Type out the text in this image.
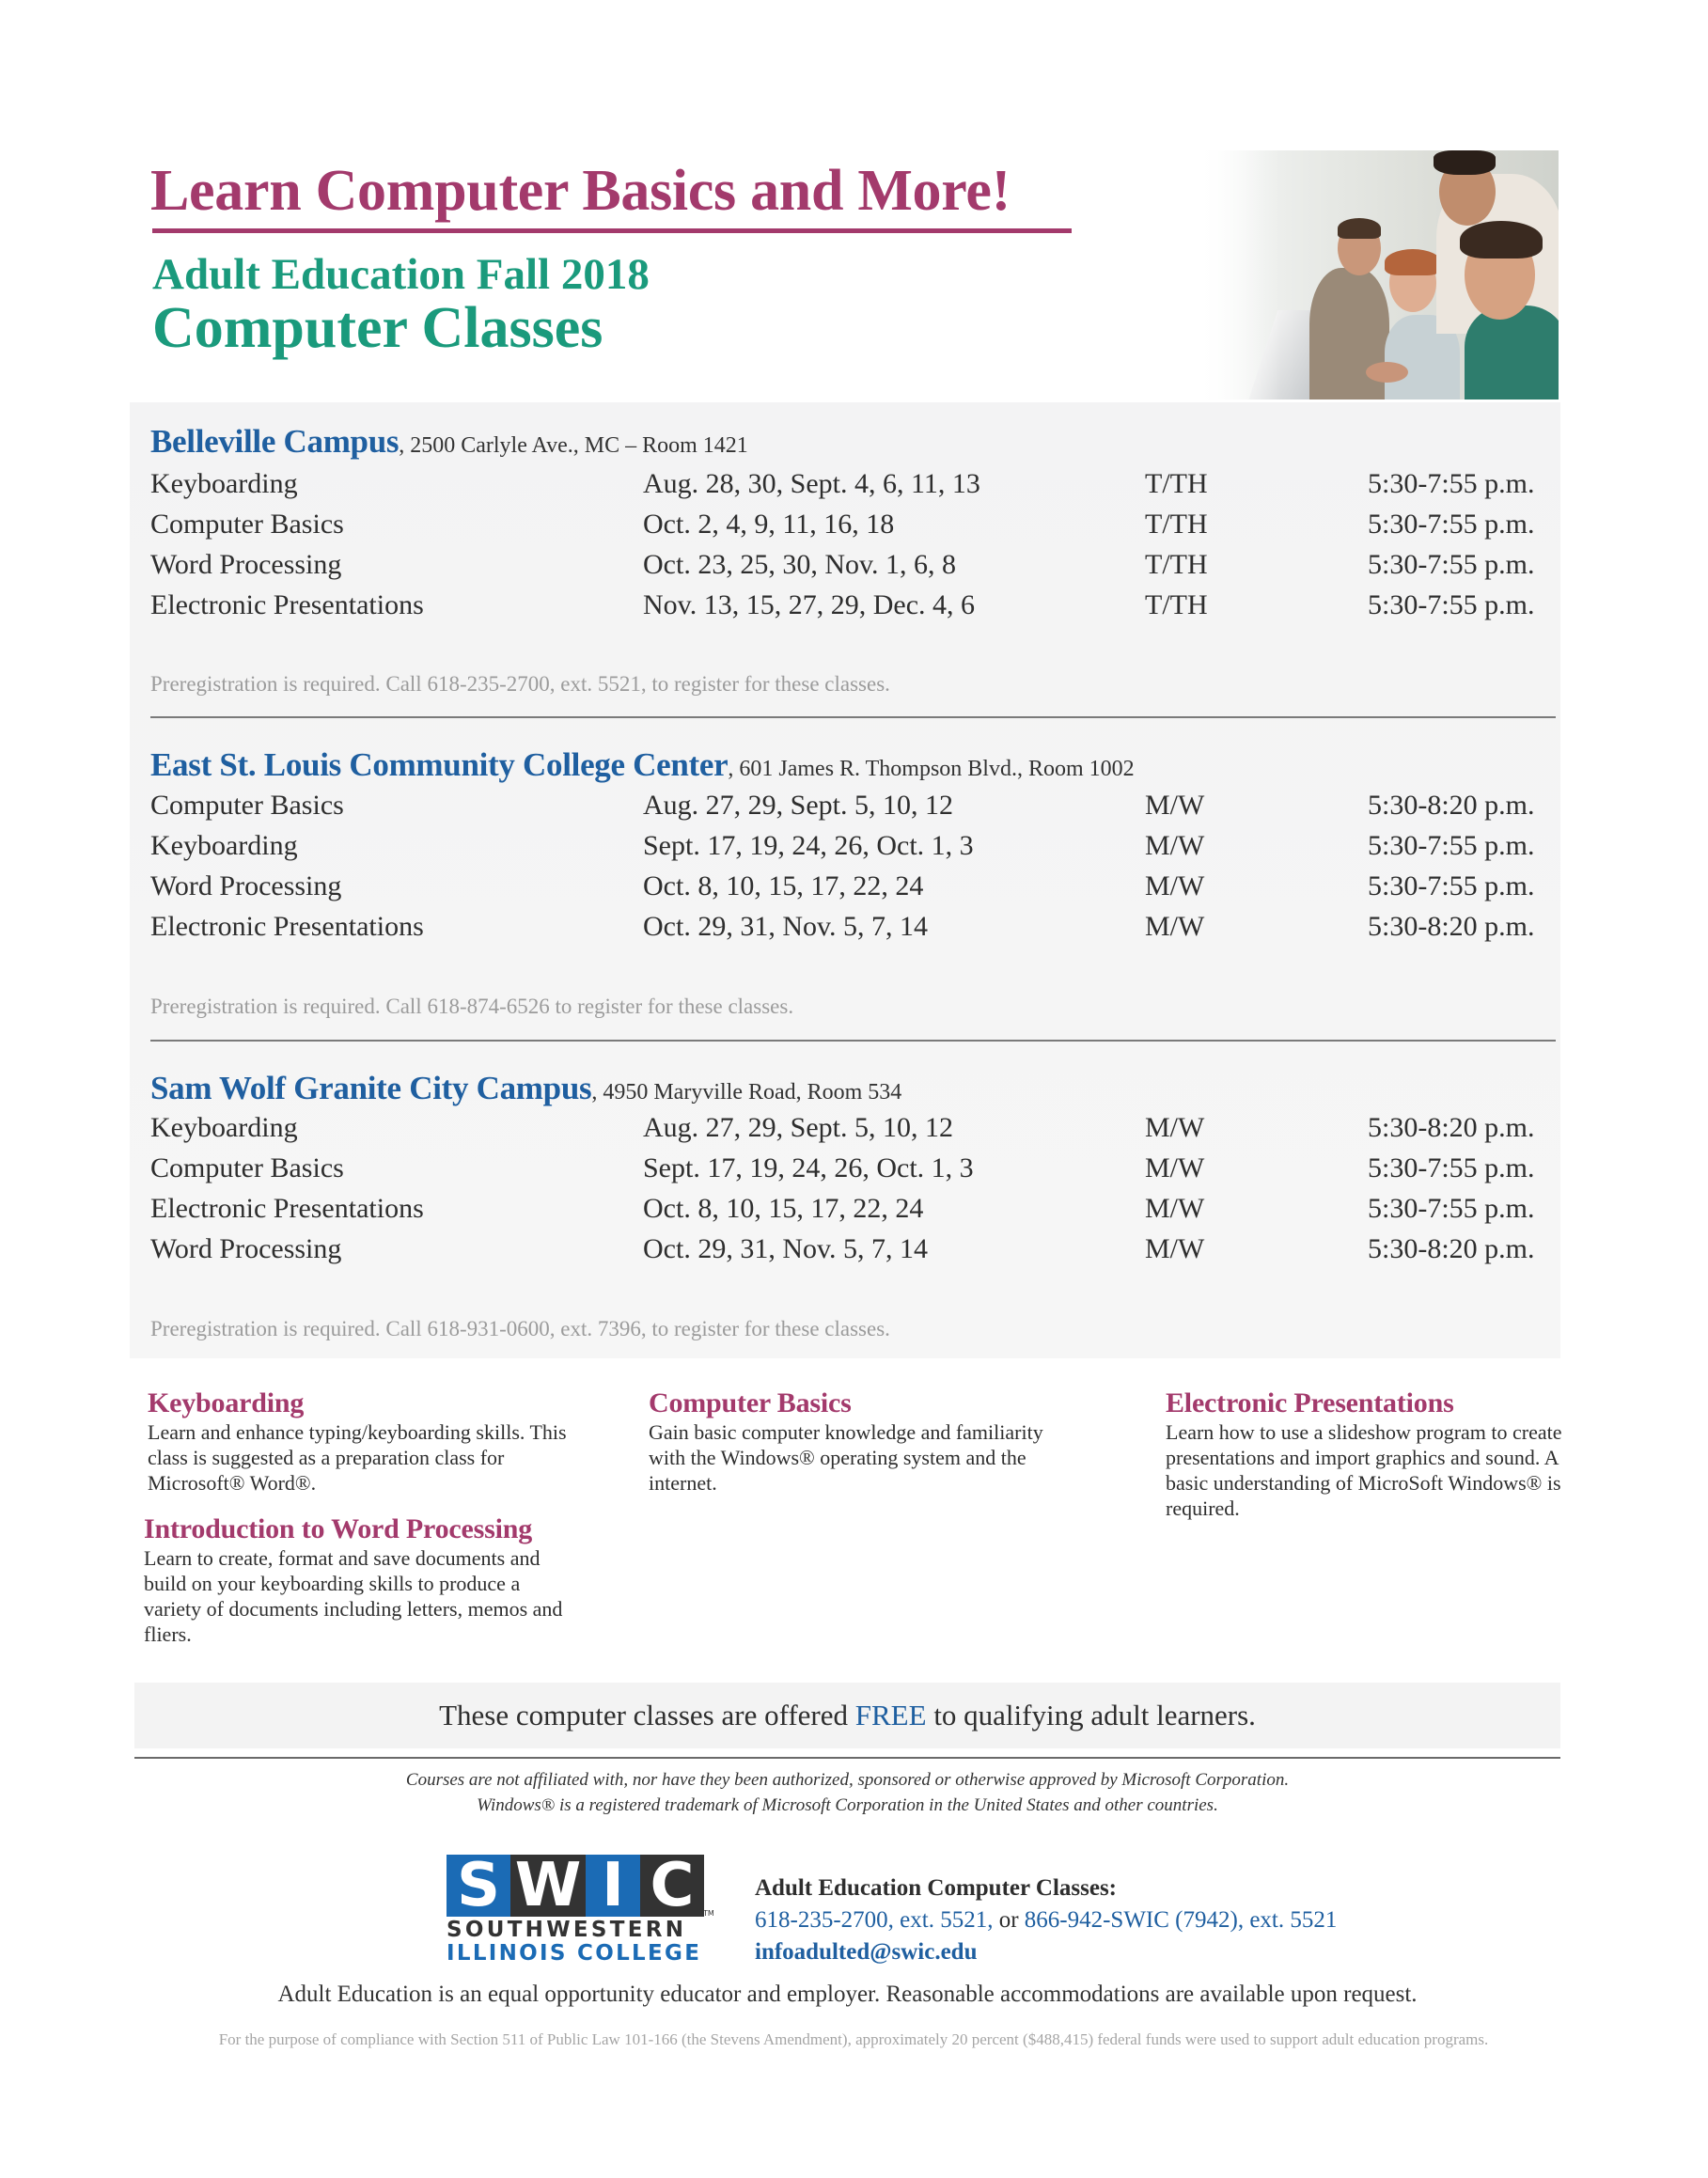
Learn Computer Basics and More!
Adult Education Fall 2018
Computer Classes
Belleville Campus, 2500 Carlyle Ave., MC – Room 1421
Keyboarding	Aug. 28, 30, Sept. 4, 6, 11, 13	T/TH	5:30-7:55 p.m.
Computer Basics	Oct. 2, 4, 9, 11, 16, 18	T/TH	5:30-7:55 p.m.
Word Processing	Oct. 23, 25, 30, Nov. 1, 6, 8	T/TH	5:30-7:55 p.m.
Electronic Presentations	Nov. 13, 15, 27, 29, Dec. 4, 6	T/TH	5:30-7:55 p.m.
Preregistration is required. Call 618-235-2700, ext. 5521, to register for these classes.
East St. Louis Community College Center, 601 James R. Thompson Blvd., Room 1002
Computer Basics	Aug. 27, 29, Sept. 5, 10, 12	M/W	5:30-8:20 p.m.
Keyboarding	Sept. 17, 19, 24, 26, Oct. 1, 3	M/W	5:30-7:55 p.m.
Word Processing	Oct. 8, 10, 15, 17, 22, 24	M/W	5:30-7:55 p.m.
Electronic Presentations	Oct. 29, 31, Nov. 5, 7, 14	M/W	5:30-8:20 p.m.
Preregistration is required. Call 618-874-6526 to register for these classes.
Sam Wolf Granite City Campus, 4950 Maryville Road, Room 534
Keyboarding	Aug. 27, 29, Sept. 5, 10, 12	M/W	5:30-8:20 p.m.
Computer Basics	Sept. 17, 19, 24, 26, Oct. 1, 3	M/W	5:30-7:55 p.m.
Electronic Presentations	Oct. 8, 10, 15, 17, 22, 24	M/W	5:30-7:55 p.m.
Word Processing	Oct. 29, 31, Nov. 5, 7, 14	M/W	5:30-8:20 p.m.
Preregistration is required. Call 618-931-0600, ext. 7396, to register for these classes.
Keyboarding

Learn and enhance typing/keyboarding skills. This class is suggested as a preparation class for Microsoft® Word®.

Introduction to Word Processing

Learn to create, format and save documents and build on your keyboarding skills to produce a variety of documents including letters, memos and fliers.

Computer Basics

Gain basic computer knowledge and familiarity with the Windows® operating system and the internet.

Electronic Presentations

Learn how to use a slideshow program to create presentations and import graphics and sound. A basic understanding of MicroSoft Windows® is required.

These computer classes are offered FREE to qualifying adult learners.
Courses are not affiliated with, nor have they been authorized, sponsored or otherwise approved by Microsoft Corporation.
Windows® is a registered trademark of Microsoft Corporation in the United States and other countries.
S W I C	TM
SOUTHWESTERN
ILLINOIS COLLEGE
Adult Education Computer Classes:
618-235-2700, ext. 5521, or 866-942-SWIC (7942), ext. 5521
infoadulted@swic.edu
Adult Education is an equal opportunity educator and employer. Reasonable accommodations are available upon request.
For the purpose of compliance with Section 511 of Public Law 101-166 (the Stevens Amendment), approximately 20 percent ($488,415) federal funds were used to support adult education programs.
